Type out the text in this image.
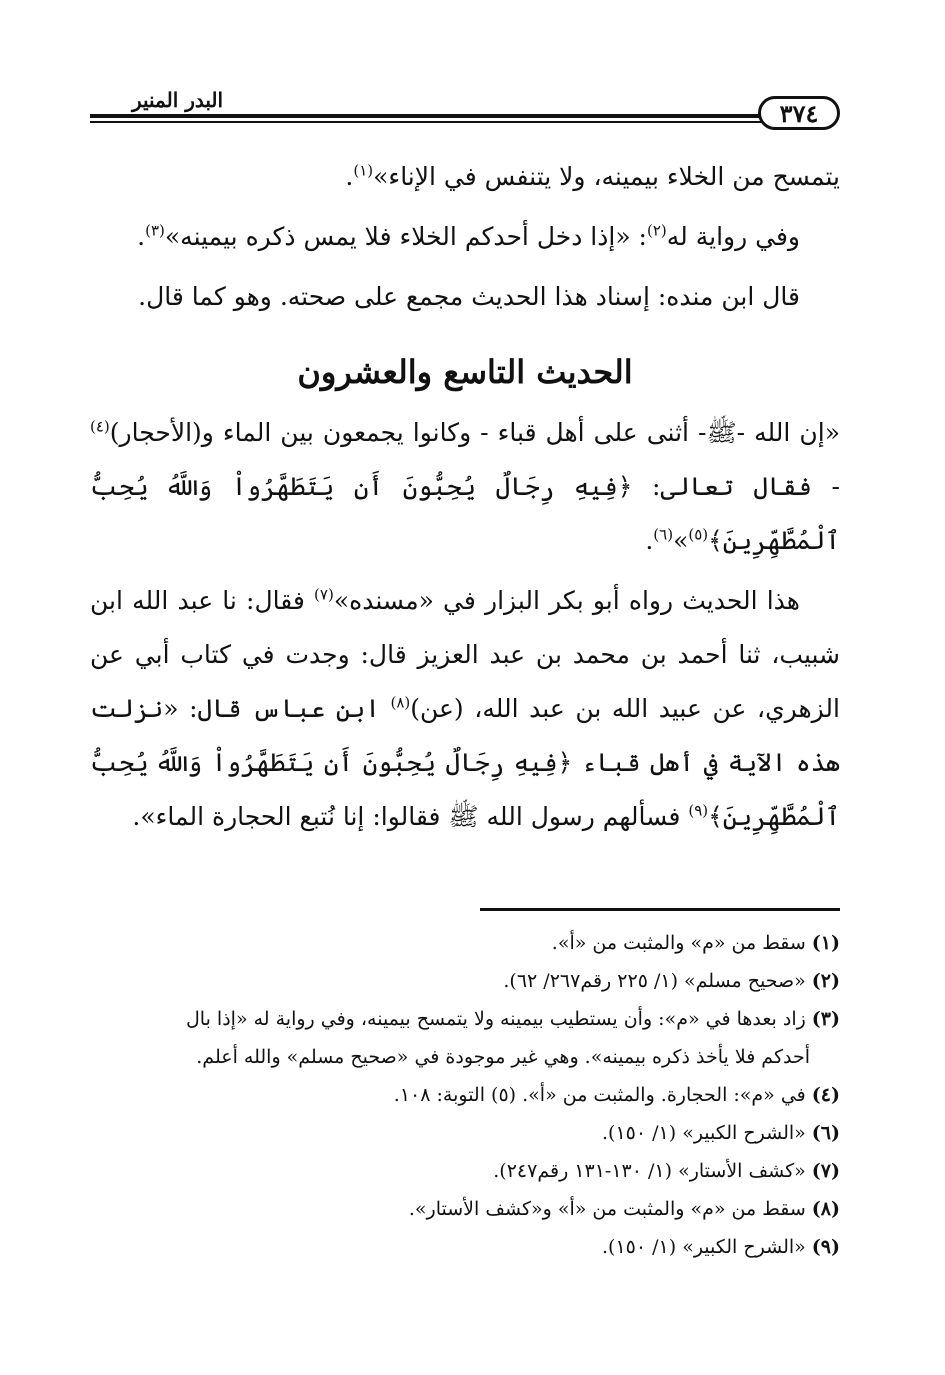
٣٧٤
البدر المنير

يتمسح من الخلاء بيمينه، ولا يتنفس في الإناء»$^{(١)}$.

وفي رواية له$^{(٢)}$: «إذا دخل أحدكم الخلاء فلا يمس ذكره بيمينه»$^{(٣)}$.

قال ابن منده: إسناد هذا الحديث مجمع على صحته. وهو كما قال.

الحديث التاسع والعشرون

«إن الله -ﷺ- أثنى على أهل قباء - وكانوا يجمعون بين الماء و(الأحجار)$^{(٤)}$ - فقال تعالى: ﴿فِيهِ رِجَالٌ يُحِبُّونَ أَن يَتَطَهَّرُواْ وَاللَّهُ يُحِبُّ ٱلْمُطَّهِّرِينَ﴾$^{(٥)}$»$^{(٦)}$.

هذا الحديث رواه أبو بكر البزار في «مسنده»$^{(٧)}$ فقال: نا عبد الله ابن شبيب، ثنا أحمد بن محمد بن عبد العزيز قال: وجدت في كتاب أبي عن الزهري، عن عبيد الله بن عبد الله، (عن)$^{(٨)}$ ابن عباس قال: «نزلت هذه الآية في أهل قباء ﴿فِيهِ رِجَالٌ يُحِبُّونَ أَن يَتَطَهَّرُواْ وَاللَّهُ يُحِبُّ ٱلْمُطَّهِّرِينَ﴾$^{(٩)}$ فسألهم رسول الله ﷺ فقالوا: إنا نُتبع الحجارة الماء».

(١)سقط من «م» والمثبت من «أ».

(٢)«صحيح مسلم» (١/ ٢٢٥ رقم٢٦٧/ ٦٢).

(٣)زاد بعدها في «م»: وأن يستطيب بيمينه ولا يتمسح بيمينه، وفي رواية له «إذا بال

أحدكم فلا يأخذ ذكره بيمينه». وهي غير موجودة في «صحيح مسلم» والله أعلم.

(٤)في «م»: الحجارة. والمثبت من «أ». (٥) التوبة: ١٠٨.

(٦)«الشرح الكبير» (١/ ١٥٠).

(٧)«كشف الأستار» (١/ ١٣٠-١٣١ رقم٢٤٧).

(٨)سقط من «م» والمثبت من «أ» و«كشف الأستار».

(٩)«الشرح الكبير» (١/ ١٥٠).
